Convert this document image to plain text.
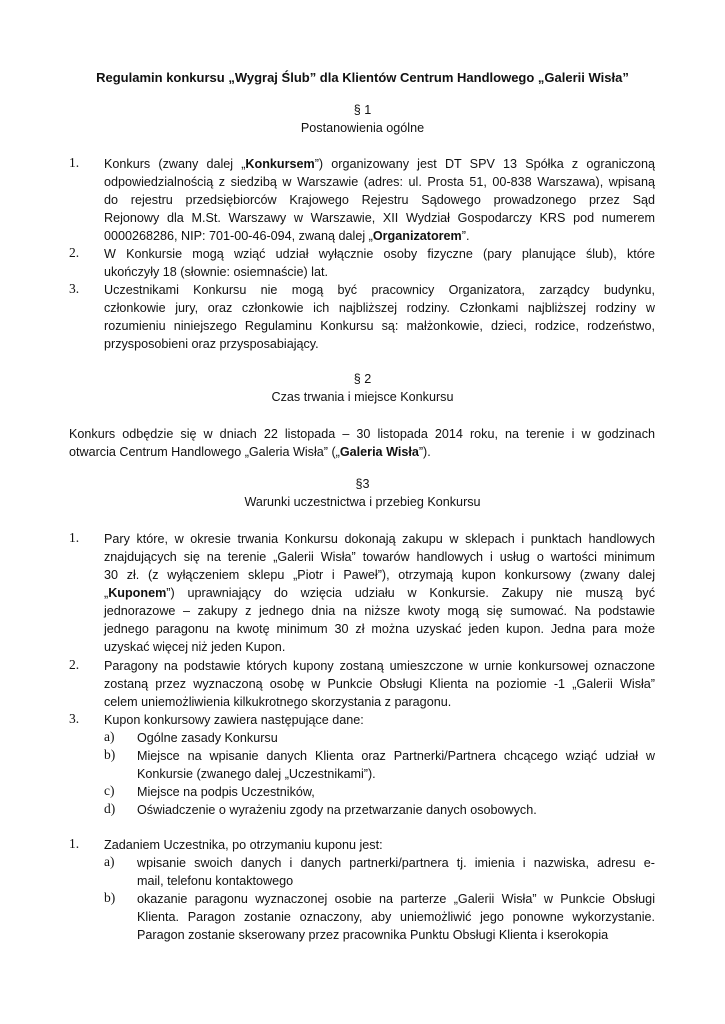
Regulamin konkursu „Wygraj Ślub” dla Klientów Centrum Handlowego „Galerii Wisła”
§ 1
Postanowienia ogólne
1. Konkurs (zwany dalej „Konkursem”) organizowany jest DT SPV 13 Spółka z ograniczoną
odpowiedzialnością z siedzibą w Warszawie (adres: ul. Prosta 51, 00-838 Warszawa), wpisaną
do rejestru przedsiębiorców Krajowego Rejestru Sądowego prowadzonego przez Sąd
Rejonowy dla M.St. Warszawy w Warszawie, XII Wydział Gospodarczy KRS pod numerem
0000268286, NIP: 701-00-46-094, zwaną dalej „Organizatorem”.
2. W Konkursie mogą wziąć udział wyłącznie osoby fizyczne (pary planujące ślub), które
ukończyły 18 (słownie: osiemnaście) lat.
3. Uczestnikami Konkursu nie mogą być pracownicy Organizatora, zarządcy budynku,
członkowie jury, oraz członkowie ich najbliższej rodziny. Członkami najbliższej rodziny w
rozumieniu niniejszego Regulaminu Konkursu są: małżonkowie, dzieci, rodzice, rodzeństwo,
przysposobieni oraz przysposabiający.
§ 2
Czas trwania i miejsce Konkursu
Konkurs odbędzie się w dniach 22 listopada – 30 listopada 2014 roku, na terenie i w godzinach
otwarcia Centrum Handlowego „Galeria Wisła” („Galeria Wisła”).
§3
Warunki uczestnictwa i przebieg Konkursu
1. Pary które, w okresie trwania Konkursu dokonają zakupu w sklepach i punktach handlowych
znajdujących się na terenie „Galerii Wisła” towarów handlowych i usług o wartości minimum
30 zł. (z wyłączeniem sklepu „Piotr i Paweł”), otrzymają kupon konkursowy (zwany dalej
„Kuponem”) uprawniający do wzięcia udziału w Konkursie. Zakupy nie muszą być
jednorazowe – zakupy z jednego dnia na niższe kwoty mogą się sumować. Na podstawie
jednego paragonu na kwotę minimum 30 zł można uzyskać jeden kupon. Jedna para może
uzyskać więcej niż jeden Kupon.
2. Paragony na podstawie których kupony zostaną umieszczone w urnie konkursowej oznaczone
zostaną przez wyznaczoną osobę w Punkcie Obsługi Klienta na poziomie -1 „Galerii Wisła”
celem uniemożliwienia kilkukrotnego skorzystania z paragonu.
3. Kupon konkursowy zawiera następujące dane:
a) Ogólne zasady Konkursu
b) Miejsce na wpisanie danych Klienta oraz Partnerki/Partnera chcącego wziąć udział w
Konkursie (zwanego dalej „Uczestnikami”).
c) Miejsce na podpis Uczestników,
d) Oświadczenie o wyrażeniu zgody na przetwarzanie danych osobowych.
1. Zadaniem Uczestnika, po otrzymaniu kuponu jest:
a) wpisanie swoich danych i danych partnerki/partnera tj. imienia i nazwiska, adresu e-
mail, telefonu kontaktowego
b) okazanie paragonu wyznaczonej osobie na parterze „Galerii Wisła” w Punkcie Obsługi
Klienta. Paragon zostanie oznaczony, aby uniemożliwić jego ponowne wykorzystanie.
Paragon zostanie skserowany przez pracownika Punktu Obsługi Klienta i kserokopia
